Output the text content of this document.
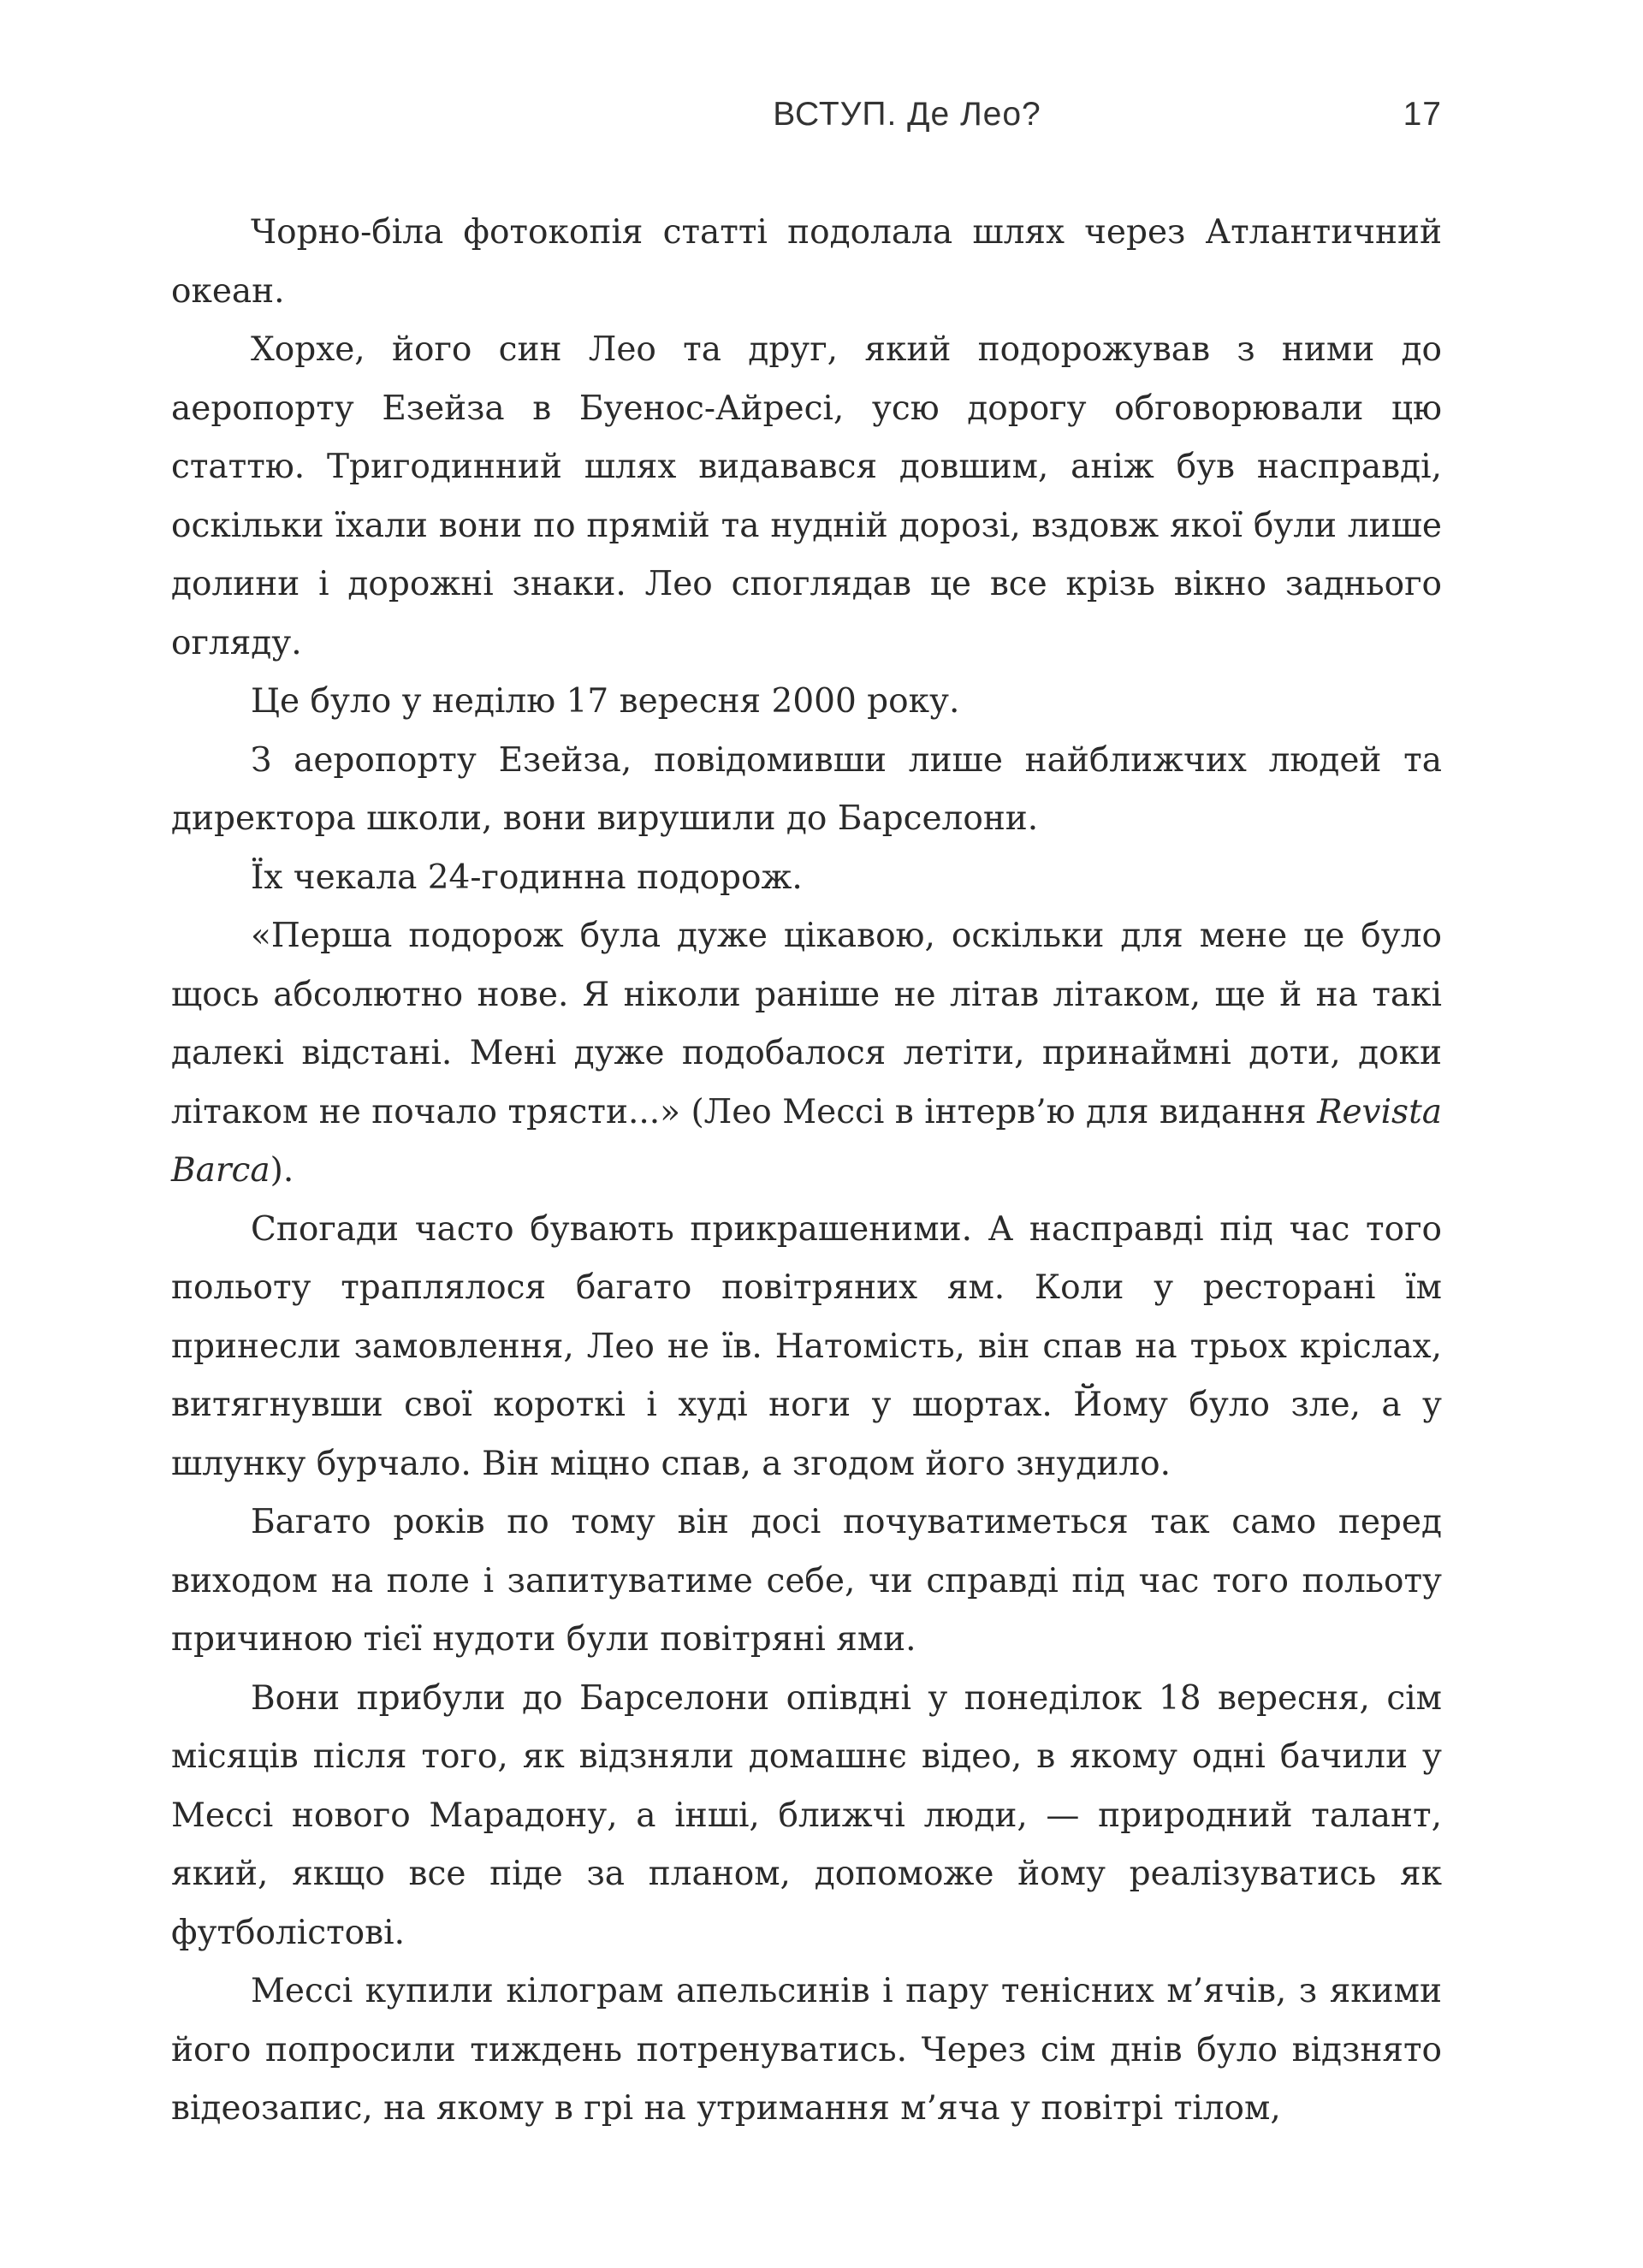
ВСТУП. Де Лео?	17

Чорно-біла фотокопія статті подолала шлях через Атлантичний океан.

Хорхе, його син Лео та друг, який подорожував з ними до аеропорту Езейза в Буенос-Айресі, усю дорогу обговорювали цю статтю. Тригодинний шлях видавався довшим, аніж був насправді, оскільки їхали вони по прямій та нудній дорозі, вздовж якої були лише долини і дорожні знаки. Лео споглядав це все крізь вікно заднього огляду.

Це було у неділю 17 вересня 2000 року.

З аеропорту Езейза, повідомивши лише найближчих людей та директора школи, вони вирушили до Барселони.

Їх чекала 24-годинна подорож.

«Перша подорож була дуже цікавою, оскільки для мене це було щось абсолютно нове. Я ніколи раніше не літав літаком, ще й на такі далекі відстані. Мені дуже подобалося летіти, принаймні доти, доки літаком не почало трясти...» (Лео Мессі в інтерв’ю для видання Revista Barca).

Спогади часто бувають прикрашеними. А насправді під час того польоту траплялося багато повітряних ям. Коли у ресторані їм принесли замовлення, Лео не їв. Натомість, він спав на трьох кріслах, витягнувши свої короткі і худі ноги у шортах. Йому було зле, а у шлунку бурчало. Він міцно спав, а згодом його знудило.

Багато років по тому він досі почуватиметься так само перед виходом на поле і запитуватиме себе, чи справді під час того польоту причиною тієї нудоти були повітряні ями.

Вони прибули до Барселони опівдні у понеділок 18 вересня, сім місяців після того, як відзняли домашнє відео, в якому одні бачили у Мессі нового Марадону, а інші, ближчі люди, — природний талант, який, якщо все піде за планом, допоможе йому реалізуватись як футболістові.

Мессі купили кілограм апельсинів і пару тенісних м’ячів, з якими його попросили тиждень потренуватись. Через сім днів було відзнято відеозапис, на якому в грі на утримання м’яча у повітрі тілом,
